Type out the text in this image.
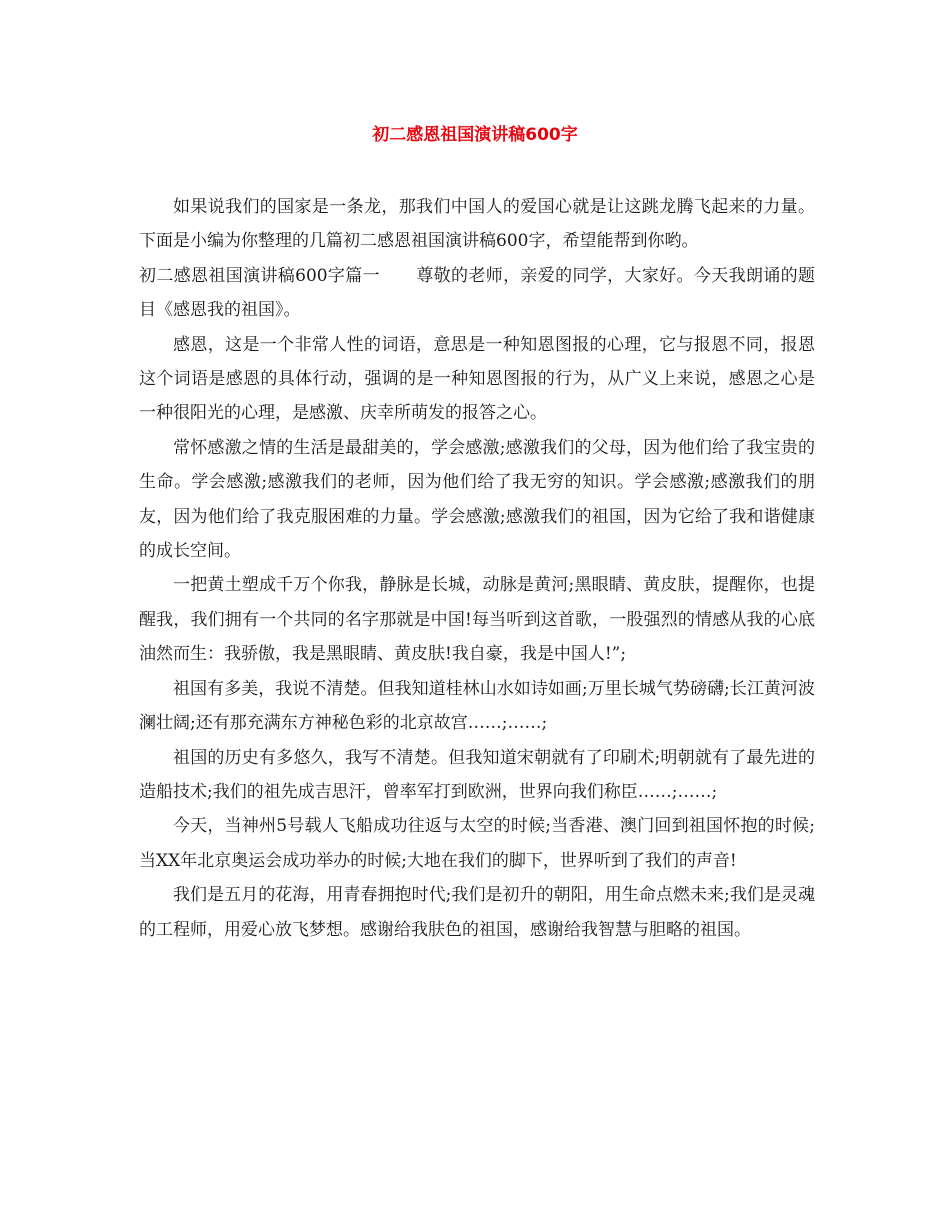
初二感恩祖国演讲稿600字

如果说我们的国家是一条龙，那我们中国人的爱国心就是让这跳龙腾飞起来的力量。下面是小编为你整理的几篇初二感恩祖国演讲稿600字，希望能帮到你哟。

初二感恩祖国演讲稿600字篇一 尊敬的老师，亲爱的同学，大家好。今天我朗诵的题目《感恩我的祖国》。

感恩，这是一个非常人性的词语，意思是一种知恩图报的心理，它与报恩不同，报恩这个词语是感恩的具体行动，强调的是一种知恩图报的行为，从广义上来说，感恩之心是一种很阳光的心理，是感激、庆幸所萌发的报答之心。

常怀感激之情的生活是最甜美的，学会感激;感激我们的父母，因为他们给了我宝贵的生命。学会感激;感激我们的老师，因为他们给了我无穷的知识。学会感激;感激我们的朋友，因为他们给了我克服困难的力量。学会感激;感激我们的祖国，因为它给了我和谐健康的成长空间。

一把黄土塑成千万个你我，静脉是长城，动脉是黄河;黑眼睛、黄皮肤，提醒你，也提醒我，我们拥有一个共同的名字那就是中国!每当听到这首歌，一股强烈的情感从我的心底油然而生：我骄傲，我是黑眼睛、黄皮肤!我自豪，我是中国人!”;

祖国有多美，我说不清楚。但我知道桂林山水如诗如画;万里长城气势磅礴;长江黄河波澜壮阔;还有那充满东方神秘色彩的北京故宫……;……;

祖国的历史有多悠久，我写不清楚。但我知道宋朝就有了印刷术;明朝就有了最先进的造船技术;我们的祖先成吉思汗，曾率军打到欧洲，世界向我们称臣……;……;

今天，当神州5号载人飞船成功往返与太空的时候;当香港、澳门回到祖国怀抱的时候;当XX年北京奥运会成功举办的时候;大地在我们的脚下，世界听到了我们的声音!

我们是五月的花海，用青春拥抱时代;我们是初升的朝阳，用生命点燃未来;我们是灵魂的工程师，用爱心放飞梦想。感谢给我肤色的祖国，感谢给我智慧与胆略的祖国。
